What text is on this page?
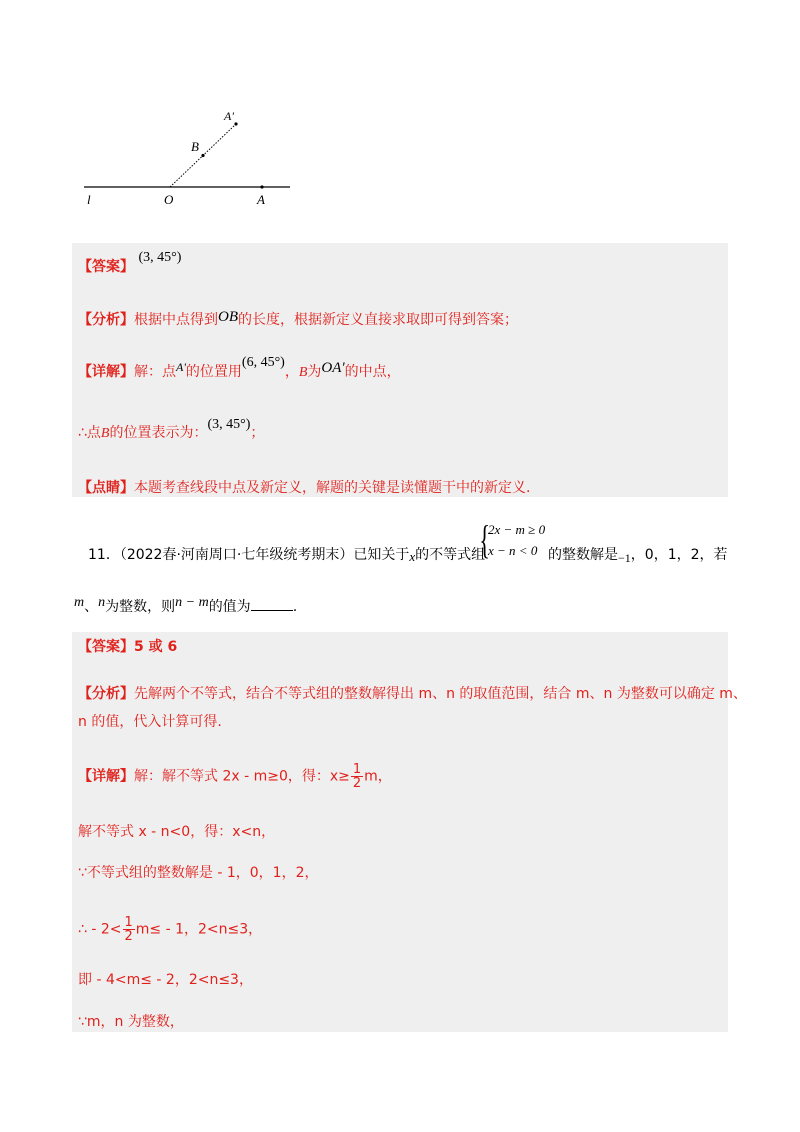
l	O	A
B
A'
【答案】 (3, 45°)
【分析】根据中点得到OB的长度，根据新定义直接求取即可得到答案；
【详解】解：点A'的位置用(6, 45°)，B为OA'的中点，
∴点B的位置表示为：(3, 45°)；
【点睛】本题考查线段中点及新定义，解题的关键是读懂题干中的新定义.
11．（2022春·河南周口·七年级统考期末）已知关于x的不等式组
{
2x − m ≥ 0
x − n < 0 的整数解是−1，0，1，2，若
m、n为整数，则n − m的值为	.
【答案】5 或 6
【分析】先解两个不等式，结合不等式组的整数解得出 m、n 的取值范围，结合 m、n 为整数可以确定 m、
n 的值，代入计算可得.
【详解】解：解不等式 2x - m≥0，得：$x\ge \frac{1}{2}$ m，
解不等式 x - n<0，得：x<n，
∵不等式组的整数解是 - 1，0，1，2，
∴ - $2< \frac{1}{2} m\le - 1$，2<n≤3，
即 - 4<m≤ - 2，2<n≤3，
∵m，n 为整数，
